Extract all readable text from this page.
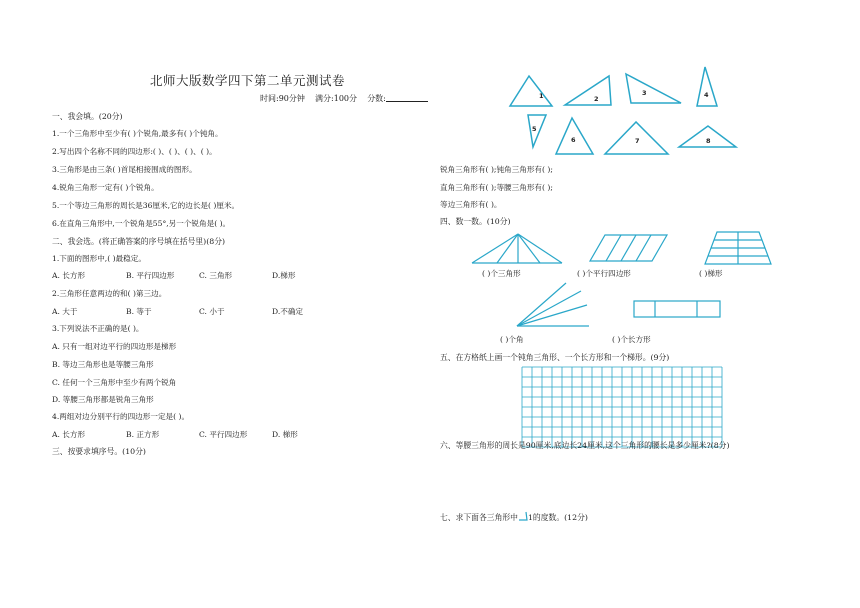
北师大版数学四下第二单元测试卷
时间:90分钟 满分:100分 分数:
一、我会填。(20分)
1.一个三角形中至少有( )个锐角,最多有( )个钝角。
2.写出四个名称不同的四边形:( )、( )、( )、( )。
3.三角形是由三条( )首尾相接围成的图形。
4.锐角三角形一定有( )个锐角。
5.一个等边三角形的周长是36厘米,它的边长是( )厘米。
6.在直角三角形中,一个锐角是55°,另一个锐角是( )。
二、我会选。(将正确答案的序号填在括号里)(8分)
1.下面的图形中,( )最稳定。
A. 长方形	B. 平行四边形	C. 三角形	D.梯形
2.三角形任意两边的和( )第三边。
A. 大于	B. 等于	C. 小于	D.不确定
3.下列说法不正确的是( )。
A. 只有一组对边平行的四边形是梯形
B. 等边三角形也是等腰三角形
C. 任何一个三角形中至少有两个锐角
D. 等腰三角形都是锐角三角形
4.两组对边分别平行的四边形一定是( )。
A. 长方形	B. 正方形	C. 平行四边形	D. 梯形
三、按要求填序号。(10分)
1	2
3	4
5
6	7	8
锐角三角形有( );钝角三角形有( );
直角三角形有( );等腰三角形有( );
等边三角形有( )。
四、数一数。(10分)
( )个三角形	( )个平行四边形	( )梯形
( )个角	( )个长方形
五、在方格纸上画一个钝角三角形、一个长方形和一个梯形。(9分)
六、等腰三角形的周长是90厘米,底边长24厘米,这个三角形的腰长是多少厘米?(8分)
七、求下面各三角形中 1的度数。(12分)
